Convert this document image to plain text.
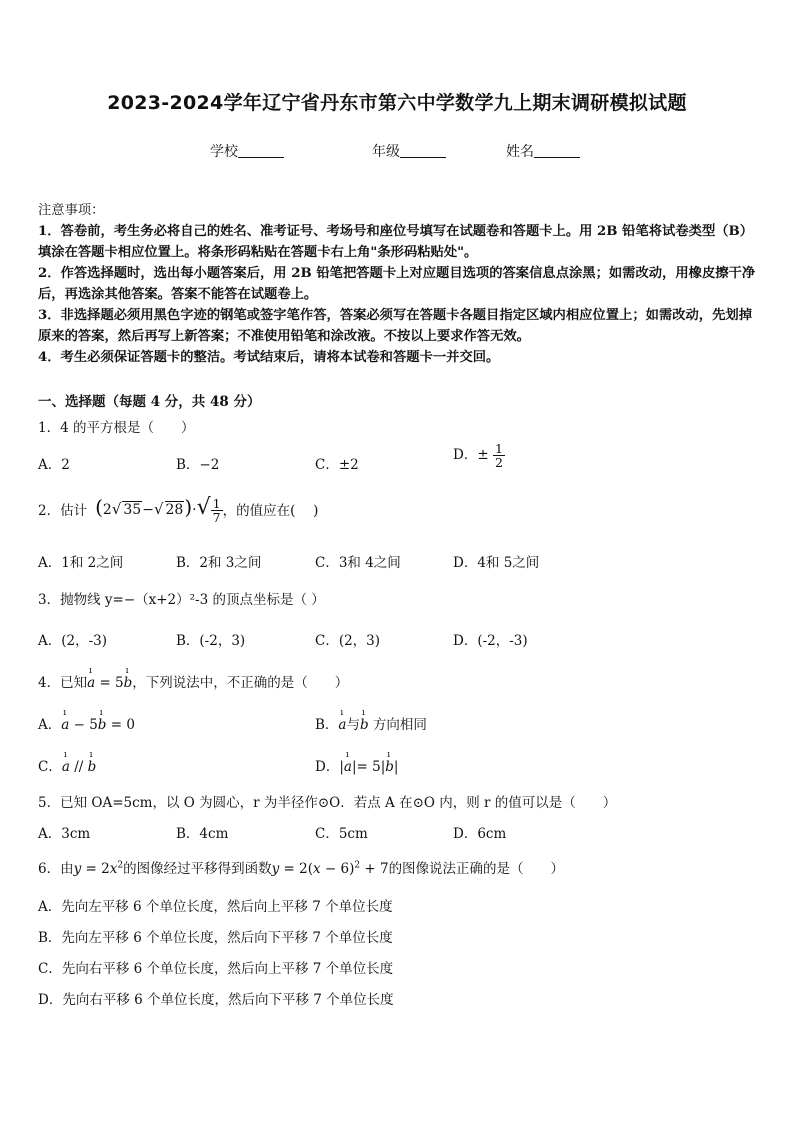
2023-2024学年辽宁省丹东市第六中学数学九上期末调研模拟试题
学校	年级	姓名
注意事项：
1．答卷前，考生务必将自己的姓名、准考证号、考场号和座位号填写在试题卷和答题卡上。用 2B 铅笔将试卷类型（B）填涂在答题卡相应位置上。将条形码粘贴在答题卡右上角"条形码粘贴处"。
2．作答选择题时，选出每小题答案后，用 2B 铅笔把答题卡上对应题目选项的答案信息点涂黑；如需改动，用橡皮擦干净后，再选涂其他答案。答案不能答在试题卷上。
3．非选择题必须用黑色字迹的钢笔或签字笔作答，答案必须写在答题卡各题目指定区域内相应位置上；如需改动，先划掉原来的答案，然后再写上新答案；不准使用铅笔和涂改液。不按以上要求作答无效。
4．考生必须保证答题卡的整洁。考试结束后，请将本试卷和答题卡一并交回。
一、选择题（每题 4 分，共 48 分）
1．4 的平方根是（　　）
A．2	B．−2	C．±2
D．± $\frac{1}{2}$
2．估计 (2√ 35−√ $28)\cdot√ \frac{1}{7}$ ，的值应在(　 )
A．1和 2之间	B．2和 3之间	C．3和 4之间	D．4和 5之间
3．抛物线 y=−（x+2）²-3 的顶点坐标是（ ）
A．(2，-3)	B．(-2，3)	C．(2，3)	D．(-2，-3)
4．已知ı a = 5ı b，下列说法中，不正确的是（　　）
A．ı a − 5ı b = 0	B．ı a与ı b 方向相同
C．ı a // ı b	D．|ı a|= 5|ı b|
5．已知 OA=5cm，以 O 为圆心，r 为半径作⊙O．若点 A 在⊙O 内，则 r 的值可以是（　　）
A．3cm	B．4cm	C．5cm	D．6cm
6．由$y = 2x^2$的图像经过平移得到函数$y = 2(x - 6)^2 + 7$的图像说法正确的是（　　）
A．先向左平移 6 个单位长度，然后向上平移 7 个单位长度
B．先向左平移 6 个单位长度，然后向下平移 7 个单位长度
C．先向右平移 6 个单位长度，然后向上平移 7 个单位长度
D．先向右平移 6 个单位长度，然后向下平移 7 个单位长度
